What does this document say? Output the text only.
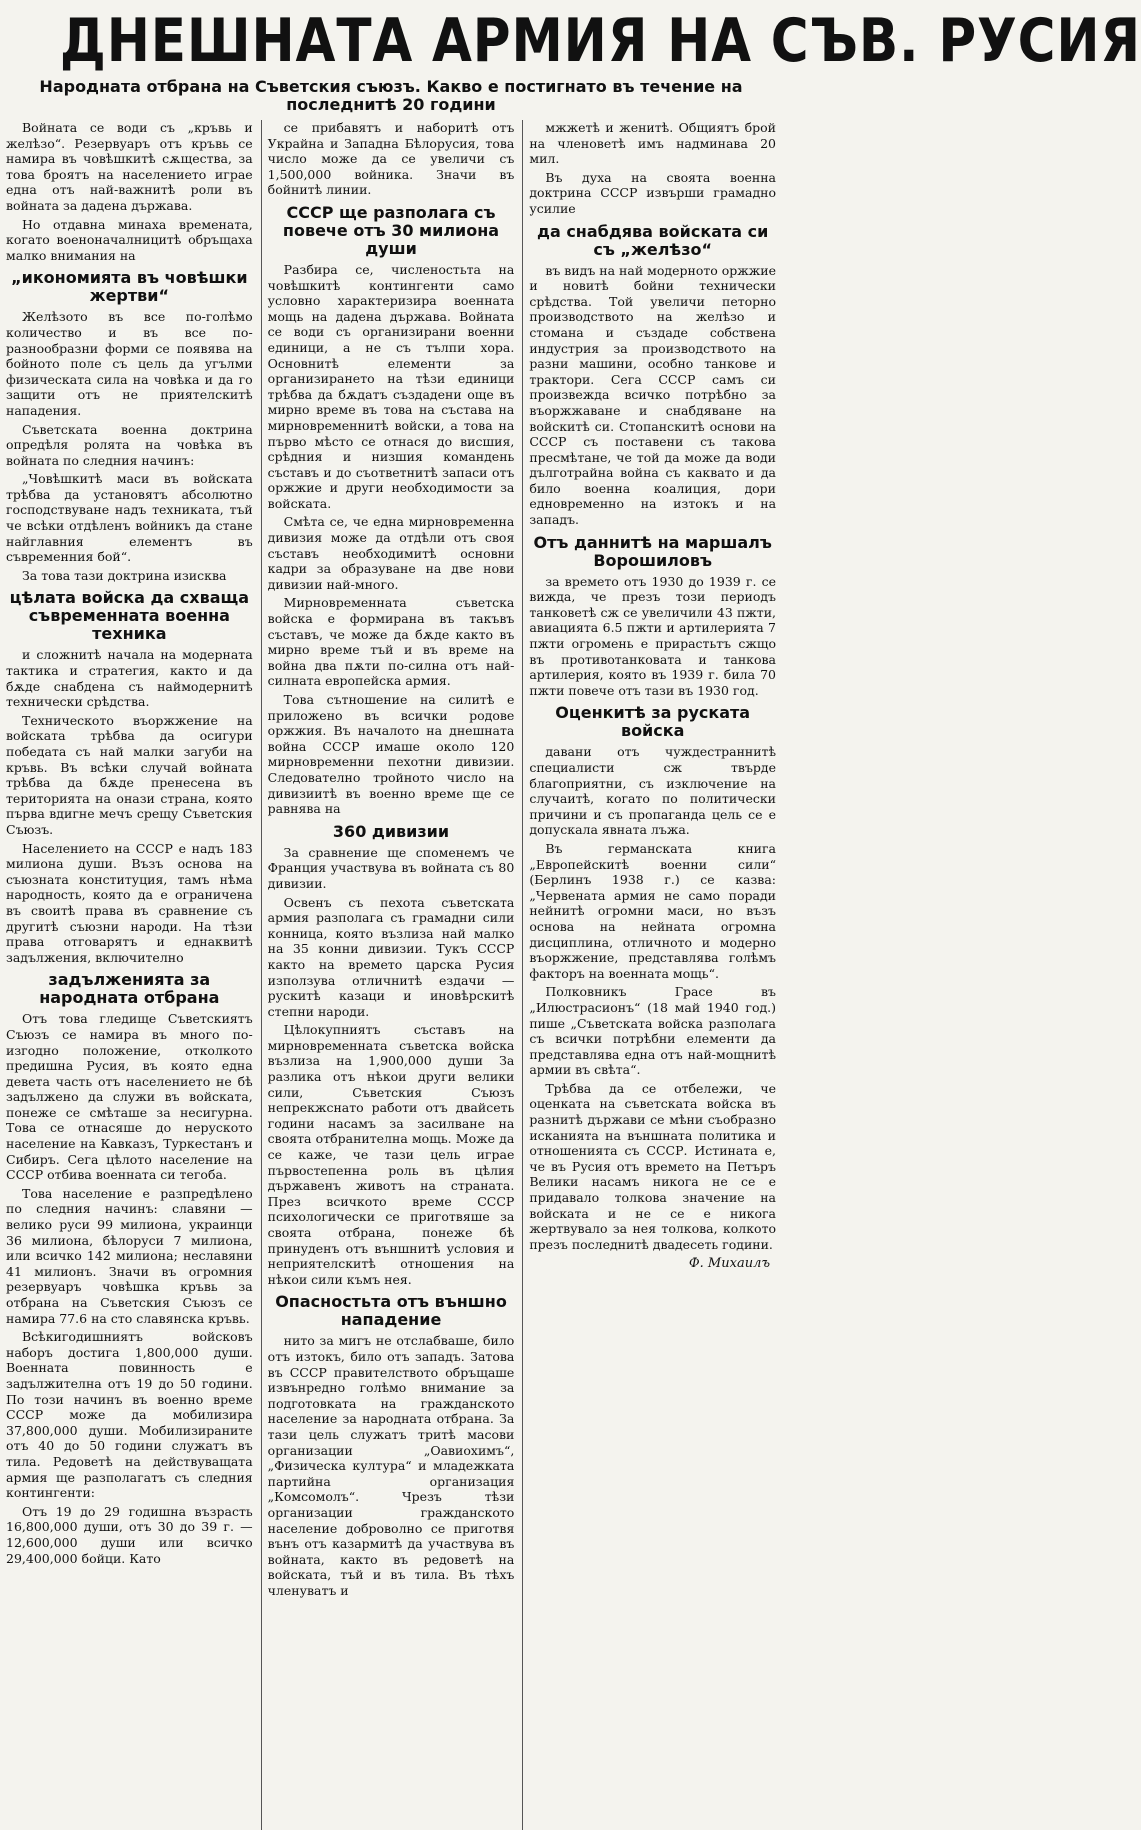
ДНЕШНАТА АРМИЯ НА СЪВ. РУСИЯ
Народната отбрана на Съветския съюзъ. Какво е постигнато въ течение на последнитѣ 20 години

Войната се води съ „кръвь и желѣзо“. Резервуаръ отъ кръвь се намира въ човѣшкитѣ сѫщества, за това броятъ на населението играе една отъ най-важнитѣ роли въ войната за дадена държава.

Но отдавна минаха времената, когато военоначалницитѣ обръщаха малко внимания на

„икономията въ човѣшки жертви“

Желѣзото въ все по-голѣмо количество и въ все по-разнообразни форми се появява на бойното поле съ цель да угълми физическата сила на човѣка и да го защити отъ не приятелскитѣ нападения.

Съветската военна доктрина опредѣля ролята на човѣка въ войната по следния начинъ:

„Човѣшкитѣ маси въ войската трѣбва да установятъ абсолютно господствуване надъ техниката, тъй че всѣки отдѣленъ войникъ да стане найглавния елементъ въ съвременния бой“.

За това тази доктрина изисква

цѣлата войска да схваща съвременната военна техника

и сложнитѣ начала на модерната тактика и стратегия, както и да бѫде снабдена съ наймодернитѣ технически срѣдства.

Техническото въоржжение на войската трѣбва да осигури победата съ най малки загуби на кръвь. Въ всѣки случай войната трѣбва да бѫде пренесена въ територията на онази страна, която първа вдигне мечъ срещу Съветския Съюзъ.

Населението на СССР е надъ 183 милиона души. Възъ основа на съюзната конституция, тамъ нѣма народность, която да е ограничена въ своитѣ права въ сравнение съ другитѣ съюзни народи. На тѣзи права отговарятъ и еднаквитѣ задължения, включително

задълженията за народната отбрана

Отъ това гледище Съветскиятъ Съюзъ се намира въ много по-изгодно положение, отколкото предишна Русия, въ която една девета часть отъ населението не бѣ задължено да служи въ войската, понеже се смѣташе за несигурна. Това се отнасяше до неруското население на Кавказъ, Туркестанъ и Сибиръ. Сега цѣлото население на СССР отбива военната си тегоба.

Това население е разпредѣлено по следния начинъ: славяни — велико руси 99 милиона, украинци 36 милиона, бѣлоруси 7 милиона, или всичко 142 милиона; неславяни 41 милионъ. Значи въ огромния резервуаръ човѣшка кръвь за отбрана на Съветския Съюзъ се намира 77.6 на сто славянска кръвь.

Всѣкигодишниятъ войсковъ наборъ достига 1,800,000 души. Военната повинность е задължителна отъ 19 до 50 години. По този начинъ въ военно време СССР може да мобилизира 37,800,000 души. Мобилизираните отъ 40 до 50 години служатъ въ тила. Редоветѣ на действуващата армия ще разполагатъ съ следния контингенти:

Отъ 19 до 29 годишна възрасть 16,800,000 души, отъ 30 до 39 г. — 12,600,000 души или всичко 29,400,000 бойци. Като

се прибавятъ и наборитѣ отъ Украйна и Западна Бѣлорусия, това число може да се увеличи съ 1,500,000 войника. Значи въ бойнитѣ линии.

СССР ще разполага съ повече отъ 30 милиона души

Разбира се, численостьта на човѣшкитѣ контингенти само условно характеризира военната мощь на дадена държава. Войната се води съ организирани военни единици, а не съ тълпи хора. Основнитѣ елементи за организирането на тѣзи единици трѣбва да бѫдатъ създадени още въ мирно време въ това на състава на мирновременнитѣ войски, а това на първо мѣсто се отнася до висшия, срѣдния и низшия командень съставъ и до съответнитѣ запаси отъ оржжие и други необходимости за войската.

Смѣта се, че една мирновременна дивизия може да отдѣли отъ своя съставъ необходимитѣ основни кадри за образуване на две нови дивизии най-много.

Мирновременната съветска войска е формирана въ такъвъ съставъ, че може да бѫде както въ мирно време тъй и въ време на война два пѫти по-силна отъ най-силната европейска армия.

Това сътношение на силитѣ е приложено въ всички родове оржжия. Въ началото на днешната война СССР имаше около 120 мирновременни пехотни дивизии. Следователно тройното число на дивизиитѣ въ военно време ще се равнява на

360 дивизии

За сравнение ще споменемъ че Франция участвува въ войната съ 80 дивизии.

Освенъ съ пехота съветската армия разполага съ грамадни сили конница, която възлиза най малко на 35 конни дивизии. Тукъ СССР както на времето царска Русия използува отличнитѣ ездачи — рускитѣ казаци и иновѣрскитѣ степни народи.

Цѣлокупниятъ съставъ на мирновременната съветска войска възлиза на 1,900,000 души За разлика отъ нѣкои други велики сили, Съветския Съюзъ непрекжснато работи отъ двайсеть години насамъ за засилване на своята отбранителна мощь. Може да се каже, че тази цель играе първостепенна роль въ цѣлия държавенъ животъ на страната. През всичкото време СССР психологически се приготвяше за своята отбрана, понеже бѣ принуденъ отъ външнитѣ условия и неприятелскитѣ отношения на нѣкои сили къмъ нея.

Опасностьта отъ външно нападение

нито за мигъ не отслабваше, било отъ изтокъ, било отъ западъ. Затова въ СССР правителството обръщаше извънредно голѣмо внимание за подготовката на гражданското население за народната отбрана. За тази цель служатъ тритѣ масови организации „Оавиохимъ“, „Физическа култура“ и младежката партийна организация „Комсомолъ“. Чрезъ тѣзи организации гражданското население доброволно се приготвя вънъ отъ казармитѣ да участвува въ войната, както въ редоветѣ на войската, тъй и въ тила. Въ тѣхъ членуватъ и

мжжетѣ и женитѣ. Общиятъ брой на членоветѣ имъ надминава 20 мил.

Въ духа на своята военна доктрина СССР извърши грамадно усилие

да снабдява войската си съ „желѣзо“

въ видъ на най модерното оржжие и новитѣ бойни технически срѣдства. Той увеличи петорно производството на желѣзо и стомана и създаде собствена индустрия за производството на разни машини, особно танкове и трактори. Сега СССР самъ си произвежда всичко потрѣбно за въоржжаване и снабдяване на войскитѣ си. Стопанскитѣ основи на СССР съ поставени съ такова пресмѣтане, че той да може да води дълготрайна война съ каквато и да било военна коалиция, дори едновременно на изтокъ и на западъ.

Отъ даннитѣ на маршалъ Ворошиловъ

за времето отъ 1930 до 1939 г. се вижда, че презъ този периодъ танковетѣ сж се увеличили 43 пжти, авиацията 6.5 пжти и артилерията 7 пжти огромень е прирастьтъ сжщо въ противотанковата и танкова артилерия, която въ 1939 г. била 70 пжти повече отъ тази въ 1930 год.

Оценкитѣ за руската войска

давани отъ чуждестраннитѣ специалисти сж твърде благоприятни, съ изключение на случаитѣ, когато по политически причини и съ пропаганда цель се е допускала явната лъжа.

Въ германската книга „Европейскитѣ военни сили“ (Берлинъ 1938 г.) се казва: „Червената армия не само поради нейнитѣ огромни маси, но възъ основа на нейната огромна дисциплина, отличното и модерно въоржжение, представлява голѣмъ факторъ на военната мощь“.

Полковникъ Грасе въ „Илюстрасионъ“ (18 май 1940 год.) пише „Съветската войска разполага съ всички потрѣбни елементи да представлява една отъ най-мощнитѣ армии въ свѣта“.

Трѣбва да се отбележи, че оценката на съветската войска въ разнитѣ държави се мѣни съобразно исканията на външната политика и отношенията съ СССР. Истината е, че въ Русия отъ времето на Петъръ Велики насамъ никога не се е придавало толкова значение на войската и не се е никога жертвувало за нея толкова, колкото презъ последнитѣ двадесеть години.

Ф. Михаилъ
